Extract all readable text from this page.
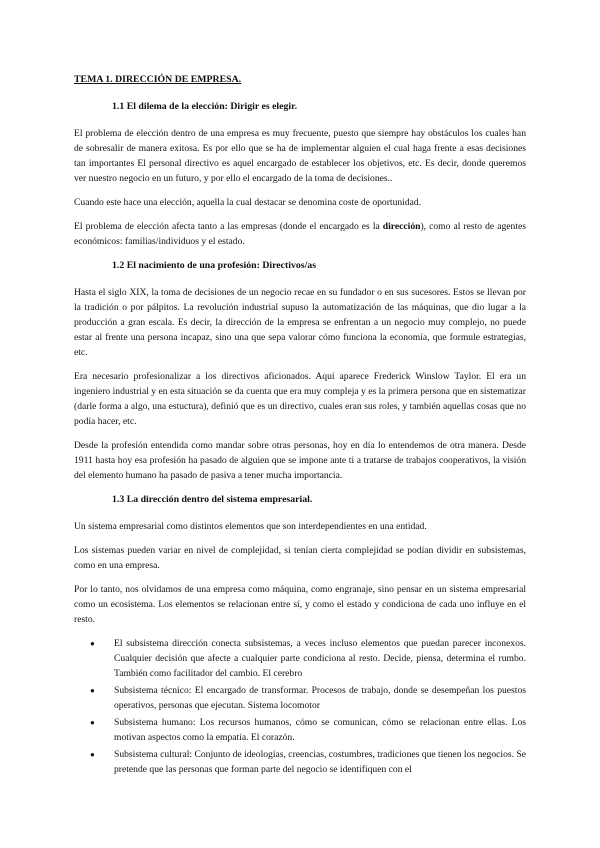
TEMA 1. DIRECCIÓN DE EMPRESA.
1.1 El dilema de la elección: Dirigir es elegir.

El problema de elección dentro de una empresa es muy frecuente, puesto que siempre hay obstáculos los cuales han de sobresalir de manera exitosa. Es por ello que se ha de implementar alguien el cual haga frente a esas decisiones tan importantes El personal directivo es aquel encargado de establecer los objetivos, etc. Es decir, donde queremos ver nuestro negocio en un futuro, y por ello el encargado de la toma de decisiones..

Cuando este hace una elección, aquella la cual destacar se denomina coste de oportunidad.

El problema de elección afecta tanto a las empresas (donde el encargado es la dirección), como al resto de agentes económicos: familias/individuos y el estado.

1.2 El nacimiento de una profesión: Directivos/as

Hasta el siglo XIX, la toma de decisiones de un negocio recae en su fundador o en sus sucesores. Estos se llevan por la tradición o por pálpitos. La revolución industrial supuso la automatización de las máquinas, que dio lugar a la producción a gran escala. Es decir, la dirección de la empresa se enfrentan a un negocio muy complejo, no puede estar al frente una persona incapaz, sino una que sepa valorar cómo funciona la economía, que formule estrategias, etc.

Era necesario profesionalizar a los directivos aficionados. Aquí aparece Frederick Winslow Taylor. El era un ingeniero industrial y en esta situación se da cuenta que era muy compleja y es la primera persona que en sistematizar (darle forma a algo, una estuctura), definió que es un directivo, cuales eran sus roles, y también aquellas cosas que no podía hacer, etc.

Desde la profesión entendida como mandar sobre otras personas, hoy en día lo entendemos de otra manera. Desde 1911 hasta hoy esa profesión ha pasado de alguien que se impone ante ti a tratarse de trabajos cooperativos, la visión del elemento humano ha pasado de pasiva a tener mucha importancia.

1.3 La dirección dentro del sistema empresarial.

Un sistema empresarial como distintos elementos que son interdependientes en una entidad.

Los sistemas pueden variar en nivel de complejidad, si tenían cierta complejidad se podían dividir en subsistemas, como en una empresa.

Por lo tanto, nos olvidamos de una empresa como máquina, como engranaje, sino pensar en un sistema empresarial como un ecosistema. Los elementos se relacionan entre sí, y como el estado y condiciona de cada uno influye en el resto.

● El subsistema dirección conecta subsistemas, a veces incluso elementos que puedan parecer inconexos. Cualquier decisión que afecte a cualquier parte condiciona al resto. Decide, piensa, determina el rumbo. También como facilitador del cambio. El cerebro
● Subsistema técnico: El encargado de transformar. Procesos de trabajo, donde se desempeñan los puestos operativos, personas que ejecutan. Sistema locomotor
● Subsistema humano: Los recursos humanos, cómo se comunican, cómo se relacionan entre ellas. Los motivan aspectos como la empatía. El corazón.
● Subsistema cultural: Conjunto de ideologías, creencias, costumbres, tradiciones que tienen los negocios. Se pretende que las personas que forman parte del negocio se identifiquen con el
